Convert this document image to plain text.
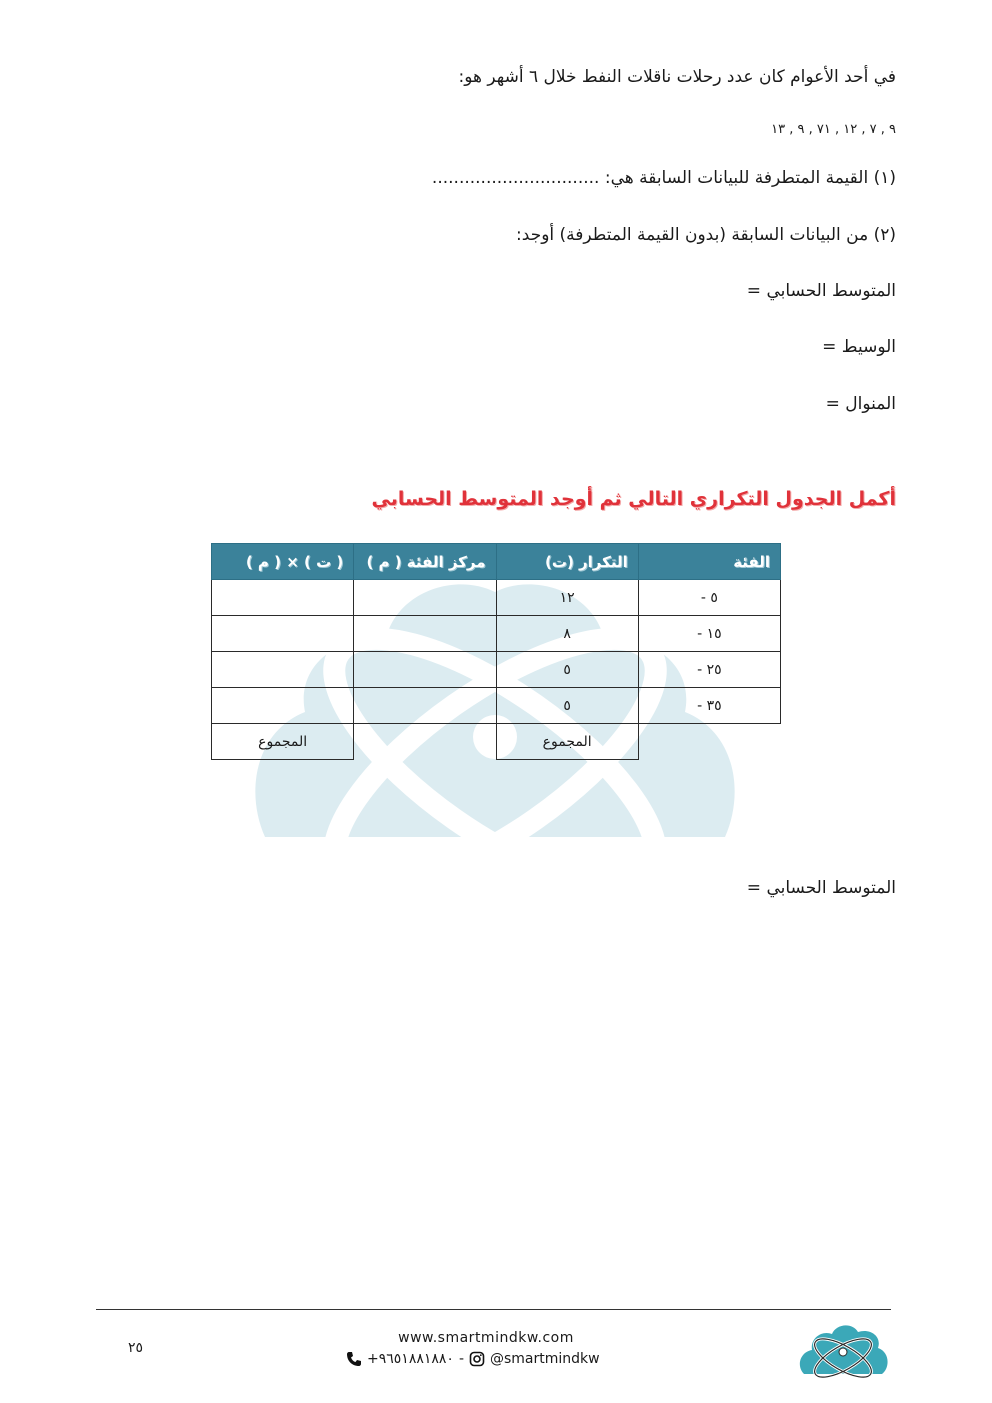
في أحد الأعوام كان عدد رحلات ناقلات النفط خلال ٦ أشهر هو:
٩ , ٧ , ١٢ , ٧١ , ٩ , ١٣
(١) القيمة المتطرفة للبيانات السابقة هي: ...............................
(٢) من البيانات السابقة (بدون القيمة المتطرفة) أوجد:
المتوسط الحسابي =
الوسيط =
المنوال =
أكمل الجدول التكراري التالي ثم أوجد المتوسط الحسابي
الفئة	التكرار (ت)	مركز الفئة ( م )	( ت ) × ( م )
٥ -	١٢		
١٥ -	٨		
٢٥ -	٥		
٣٥ -	٥		
	المجموع		المجموع
المتوسط الحسابي =
٢٥
www.smartmindkw.com
+٩٦٥١٨٨١٨٨٠ - @smartmindkw
